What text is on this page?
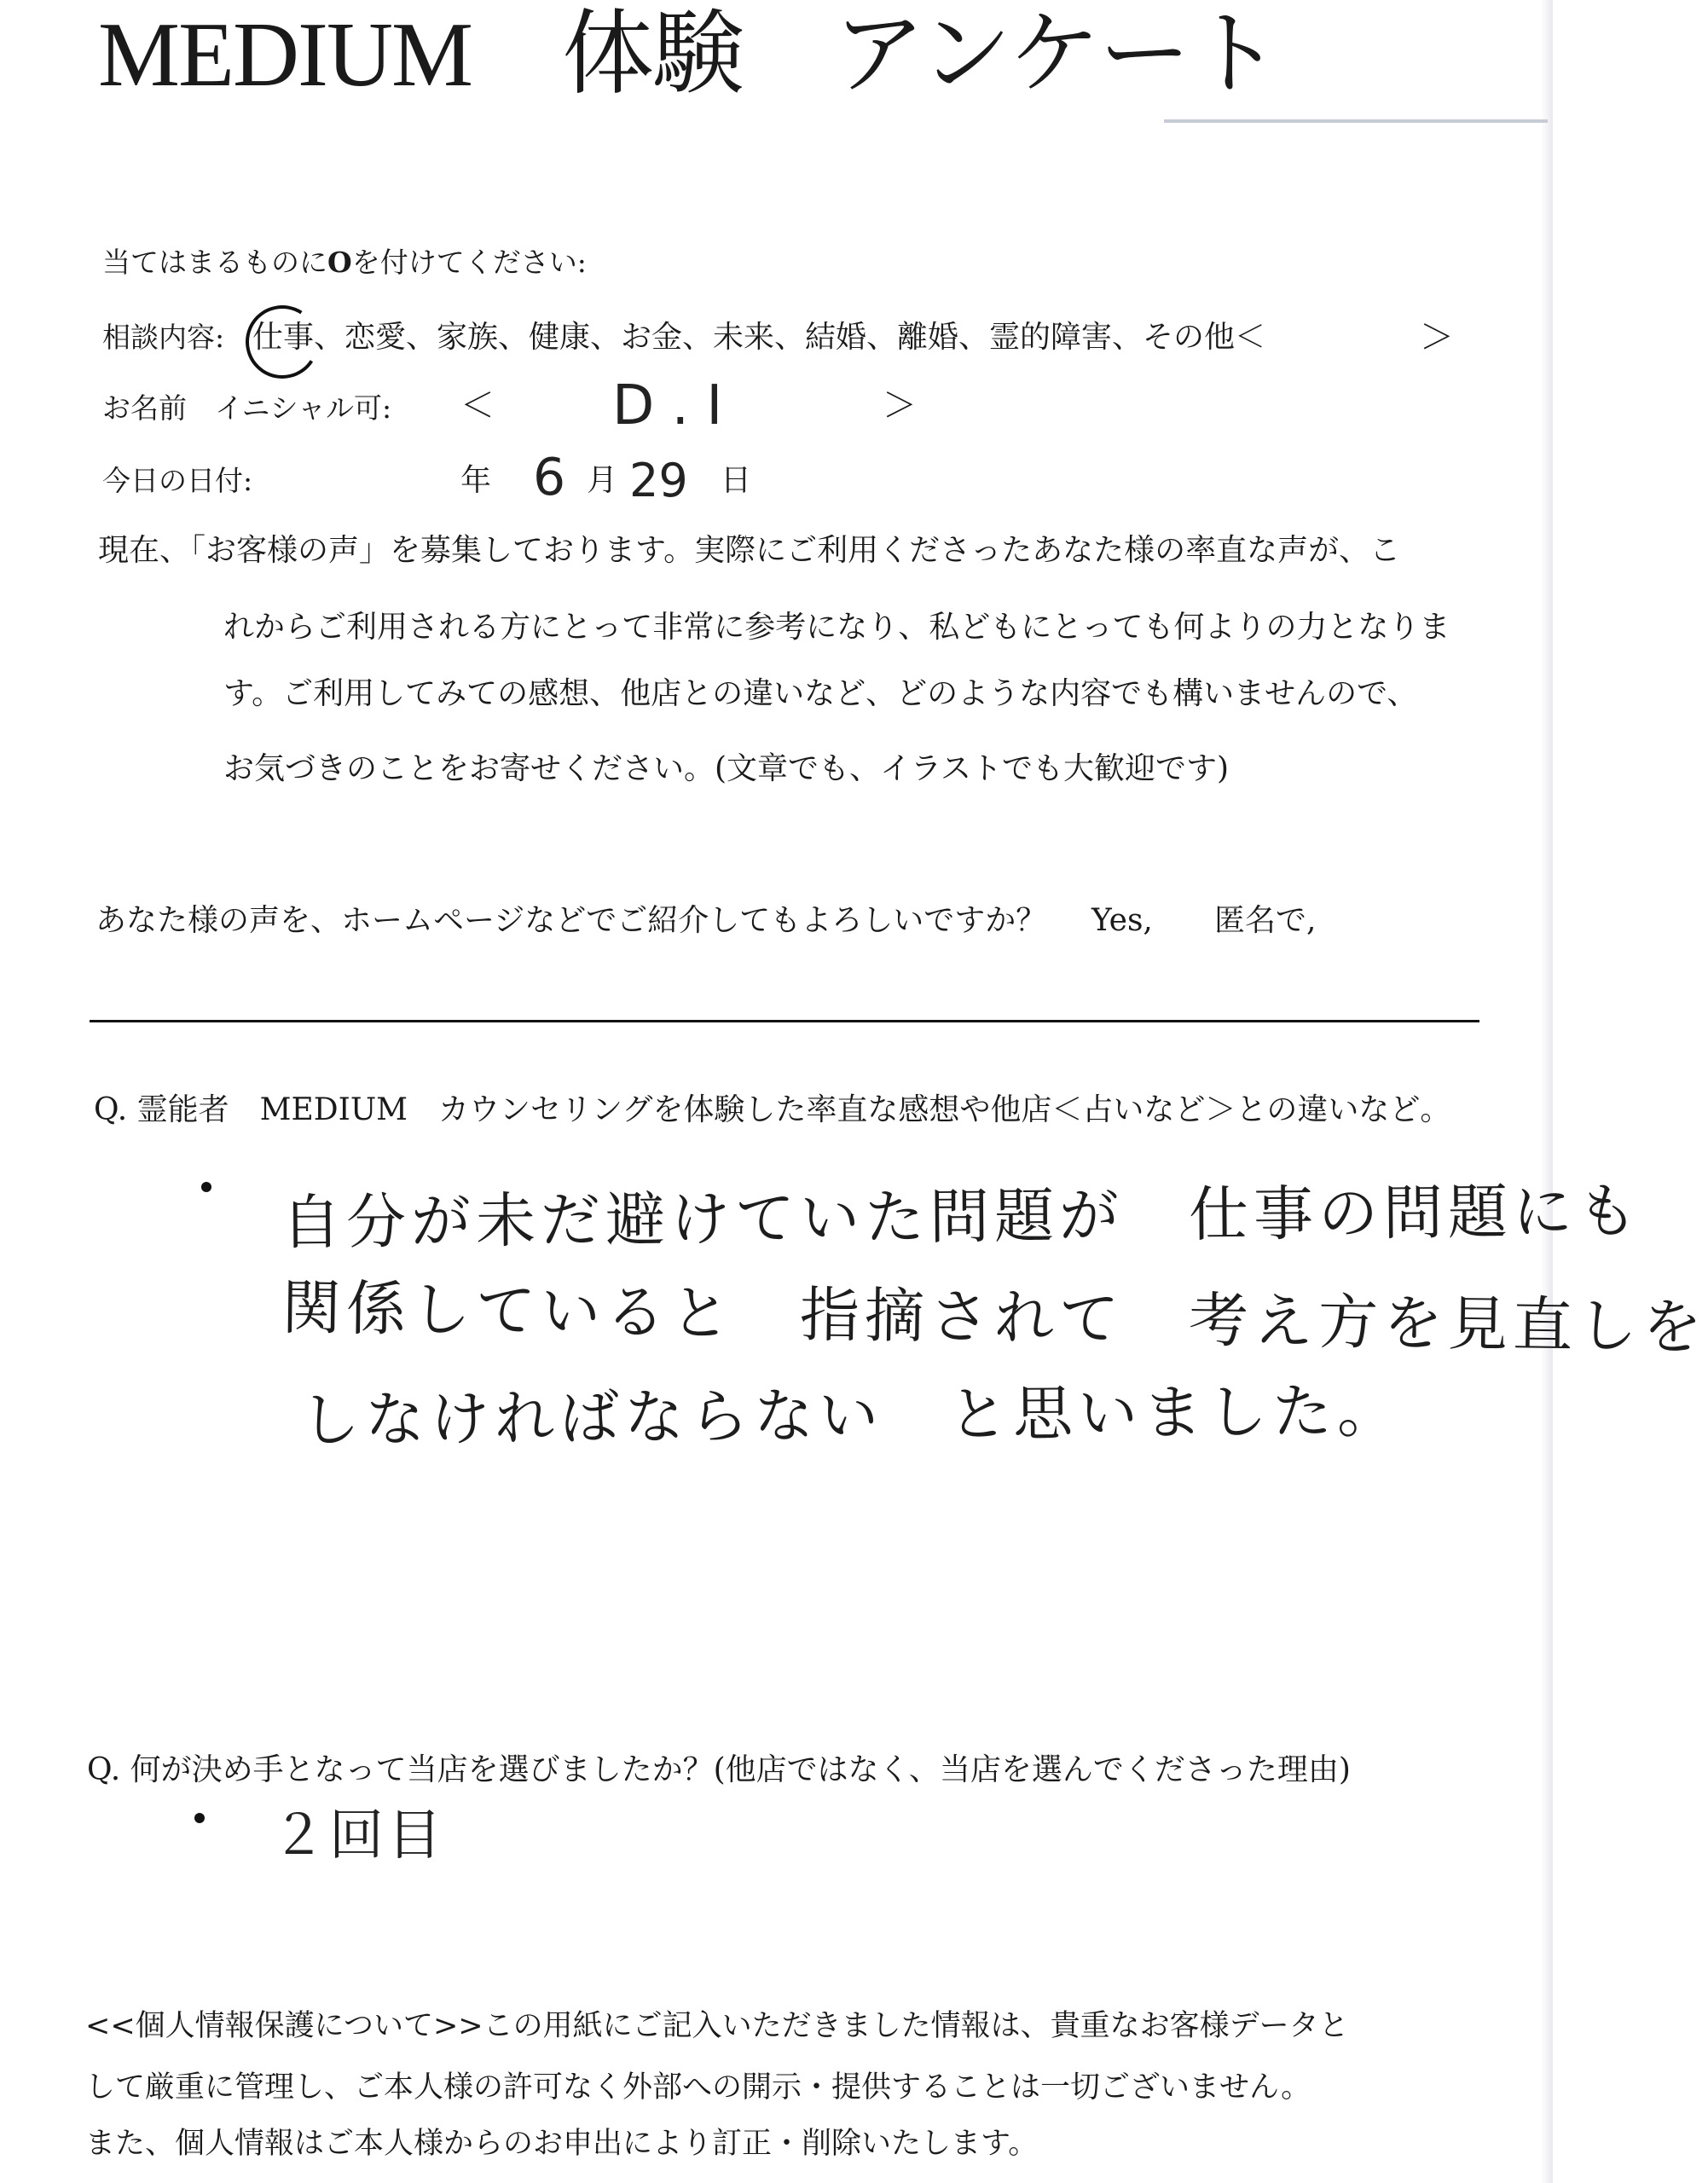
MEDIUM　体験　アンケート
当てはまるものにOを付けてください:
相談内容: 仕事、恋愛、家族、健康、お金、未来、結婚、離婚、霊的障害、その他＜	＞
お名前　イニシャル可: ＜ D . I	＞
今日の日付:	年 6 月 29 日
現在、「お客様の声」を募集しております。実際にご利用くださったあなた様の率直な声が、こ
れからご利用される方にとって非常に参考になり、私どもにとっても何よりの力となりま
す。ご利用してみての感想、他店との違いなど、どのような内容でも構いませんので、
お気づきのことをお寄せください。(文章でも、イラストでも大歓迎です)
あなた様の声を、ホームページなどでご紹介してもよろしいですか？ Yes, 匿名で,
Q. 霊能者　MEDIUM　カウンセリングを体験した率直な感想や他店＜占いなど＞との違いなど。
自分が未だ避けていた問題が　仕事の問題にも
関係していると　指摘されて　考え方を見直しを
しなければならない　と思いました。
Q. 何が決め手となって当店を選びましたか？(他店ではなく、当店を選んでくださった理由)
２回目
<<個人情報保護について>>この用紙にご記入いただきました情報は、貴重なお客様データと
して厳重に管理し、ご本人様の許可なく外部への開示・提供することは一切ございません。
また、個人情報はご本人様からのお申出により訂正・削除いたします。
